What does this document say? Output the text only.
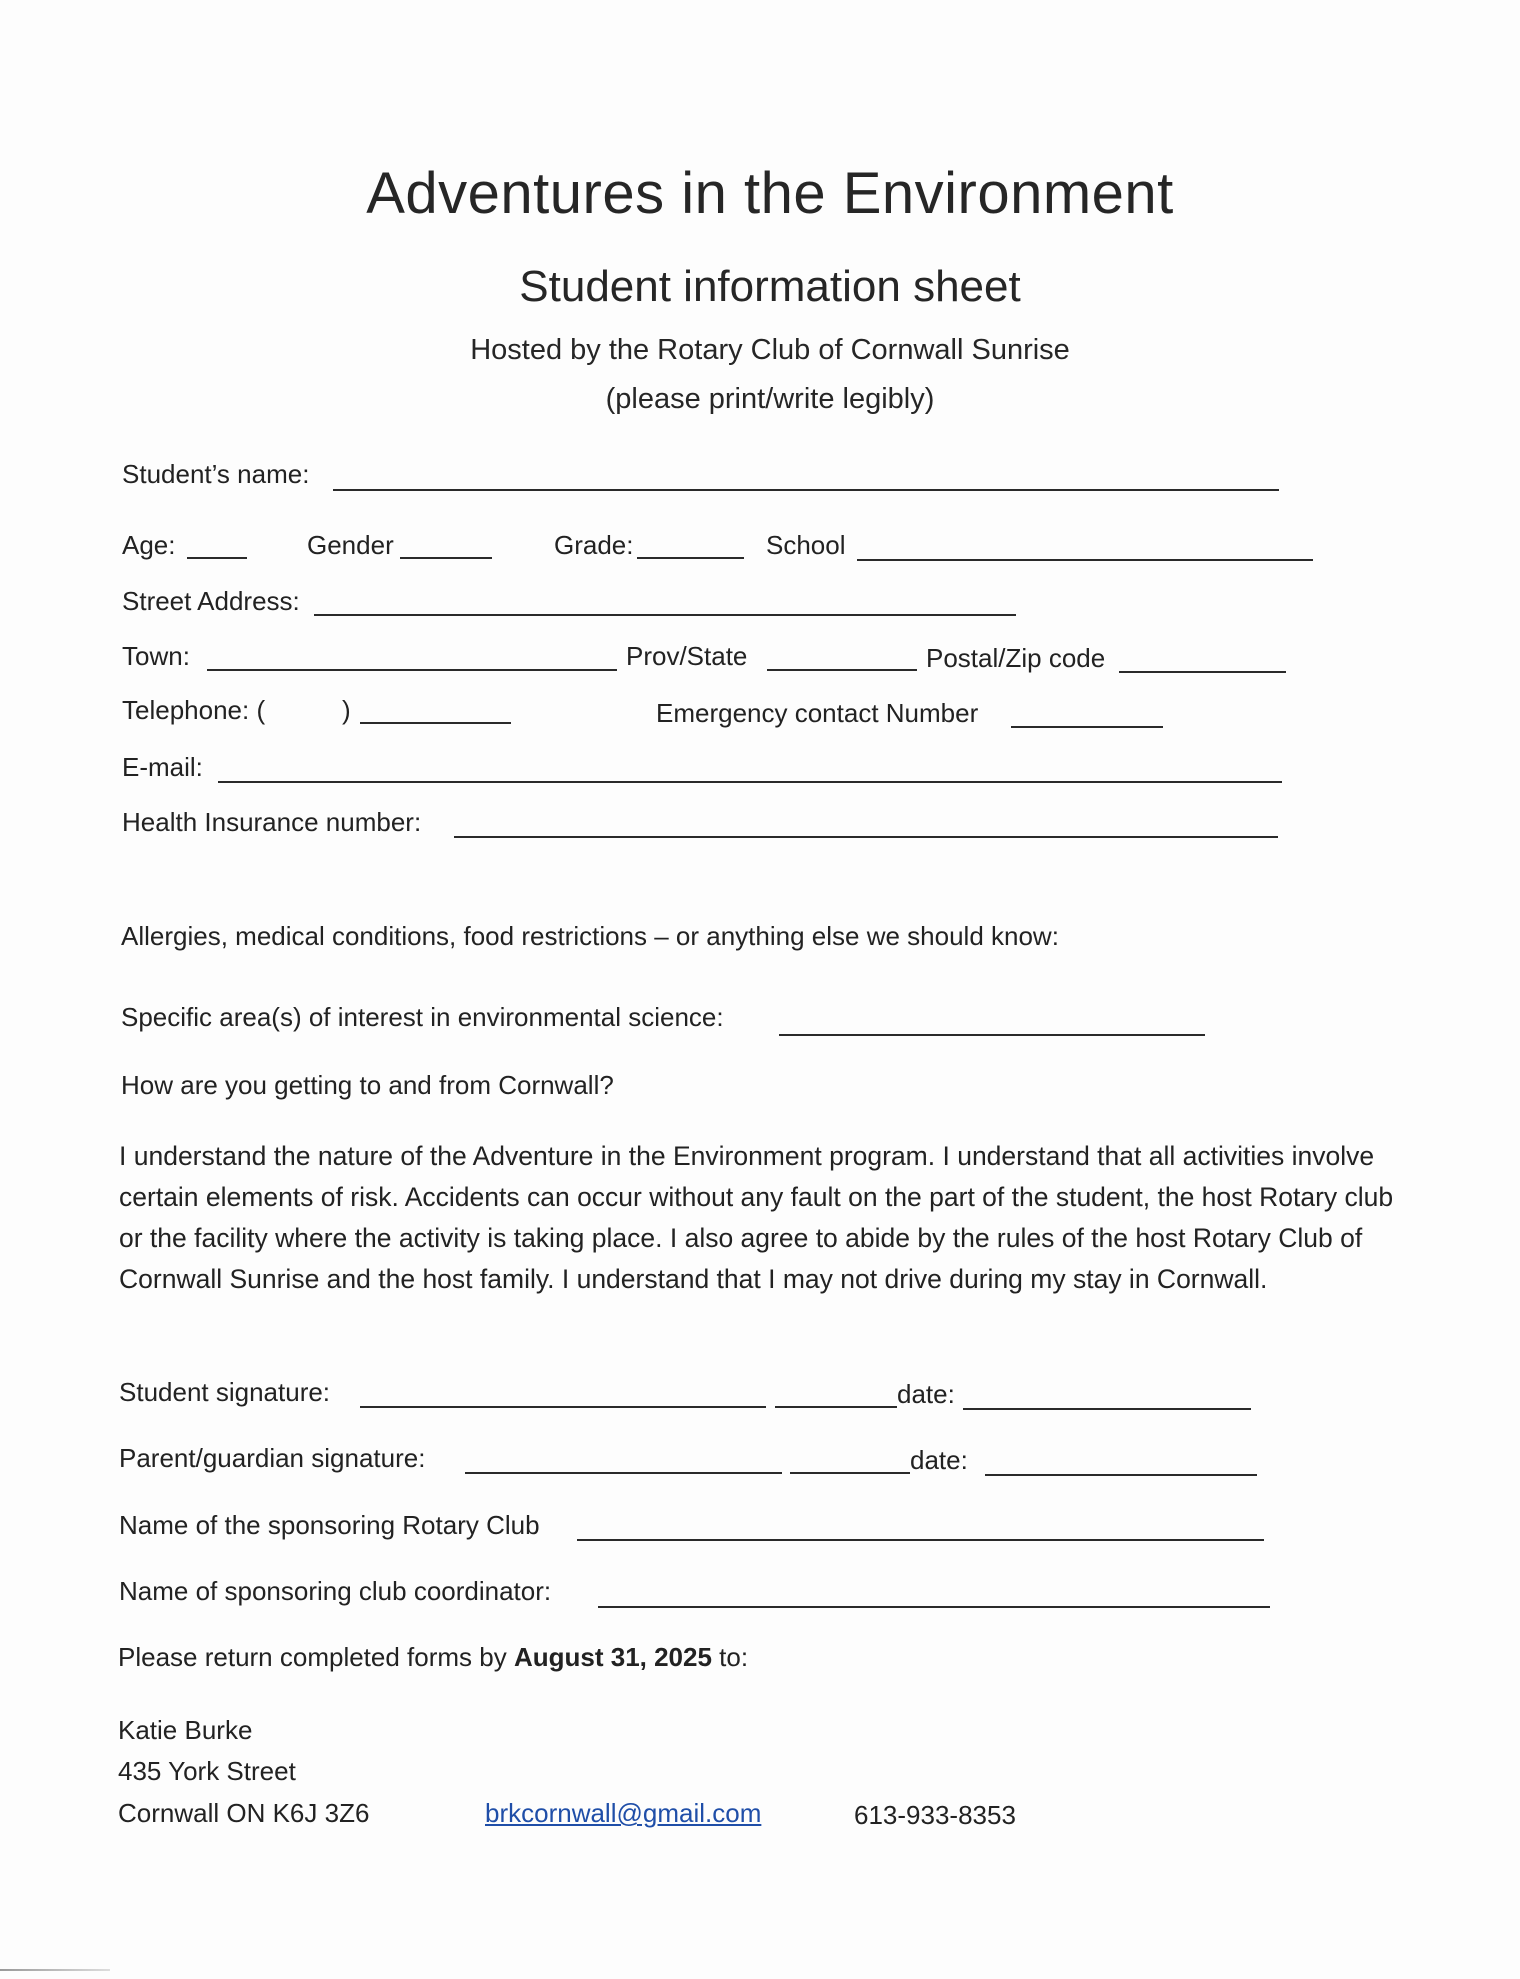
Adventures in the Environment
Student information sheet
Hosted by the Rotary Club of Cornwall Sunrise
(please print/write legibly)
Student’s name:
Age:	Gender	Grade:	School
Street Address:
Town:	Prov/State	Postal/Zip code
Telephone: (	)	Emergency contact Number
E-mail:
Health Insurance number:
Allergies, medical conditions, food restrictions – or anything else we should know:
Specific area(s) of interest in environmental science:
How are you getting to and from Cornwall?
I understand the nature of the Adventure in the Environment program. I understand that all activities involve certain elements of risk. Accidents can occur without any fault on the part of the student, the host Rotary club or the facility where the activity is taking place. I also agree to abide by the rules of the host Rotary Club of Cornwall Sunrise and the host family. I understand that I may not drive during my stay in Cornwall.
Student signature:	date:
Parent/guardian signature:	date:
Name of the sponsoring Rotary Club
Name of sponsoring club coordinator:
Please return completed forms by August 31, 2025 to:
Katie Burke
435 York Street
Cornwall ON K6J 3Z6	brkcornwall@gmail.com	613-933-8353
